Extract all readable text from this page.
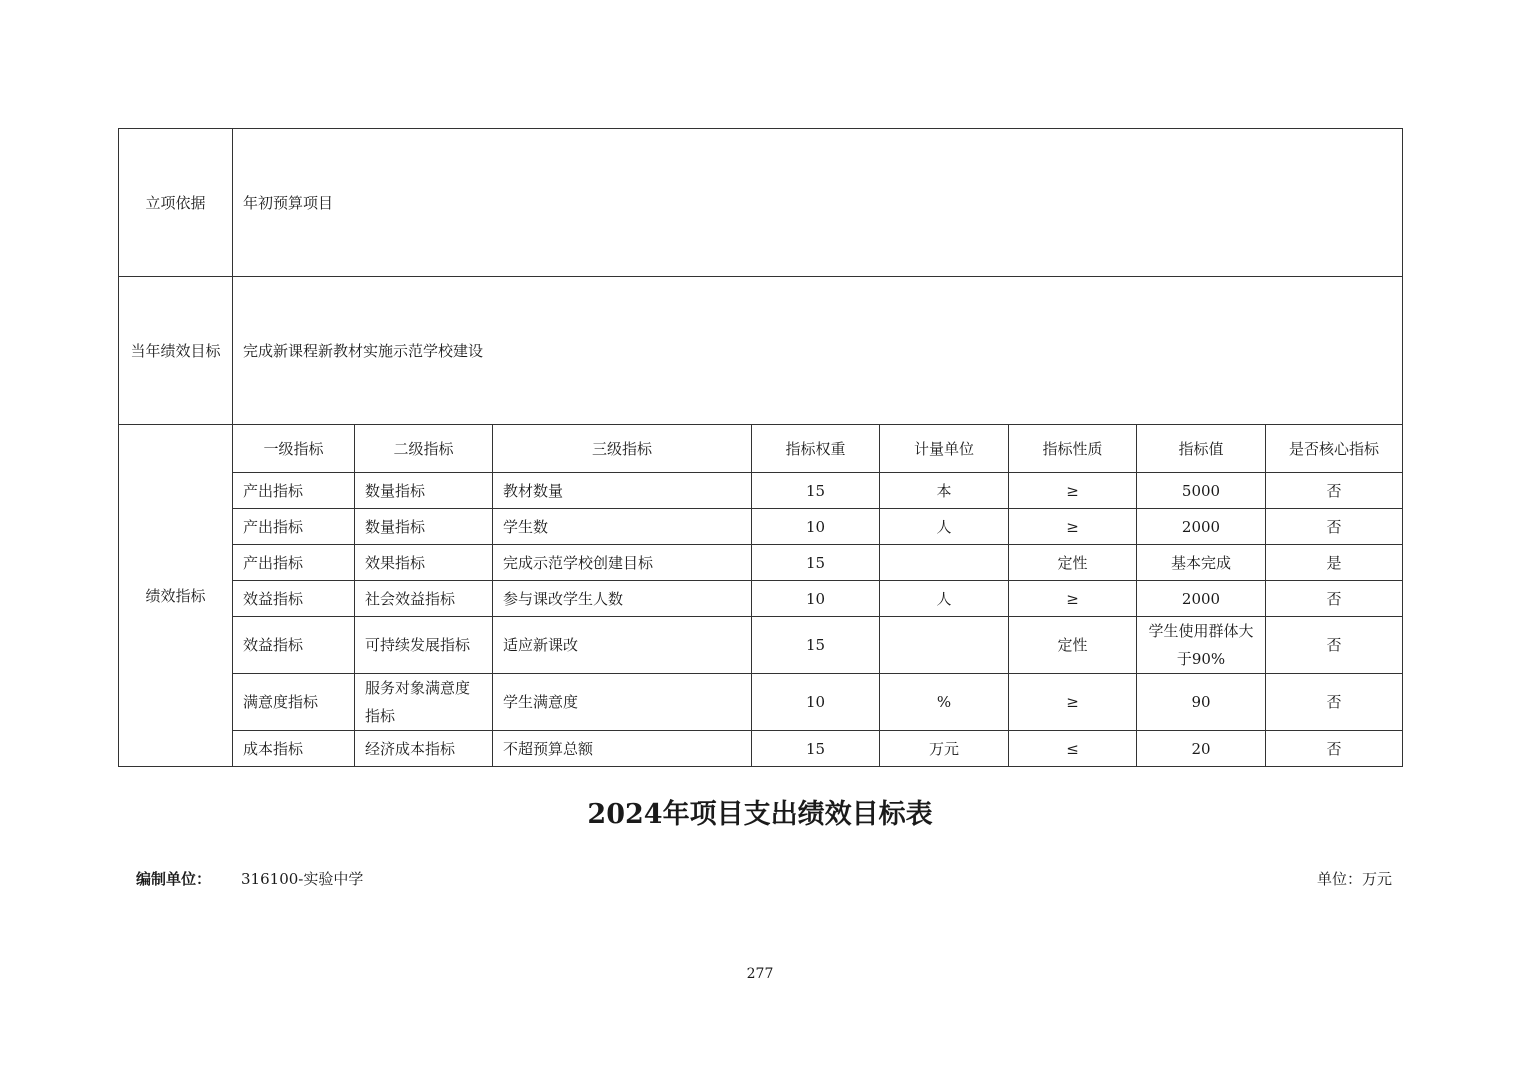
立项依据	年初预算项目							
当年绩效目标	完成新课程新教材实施示范学校建设							
绩效指标	一级指标	二级指标	三级指标	指标权重	计量单位	指标性质	指标值	是否核心指标
	产出指标	数量指标	教材数量	15	本	≥	5000	否
	产出指标	数量指标	学生数	10	人	≥	2000	否
	产出指标	效果指标	完成示范学校创建目标	15		定性	基本完成	是
	效益指标	社会效益指标	参与课改学生人数	10	人	≥	2000	否
	效益指标	可持续发展指标	适应新课改	15		定性	学生使用群体大于90%	否
	满意度指标	服务对象满意度指标	学生满意度	10	%	≥	90	否
	成本指标	经济成本指标	不超预算总额	15	万元	≤	20	否
2024年项目支出绩效目标表
编制单位： 316100-实验中学	单位：万元
277
